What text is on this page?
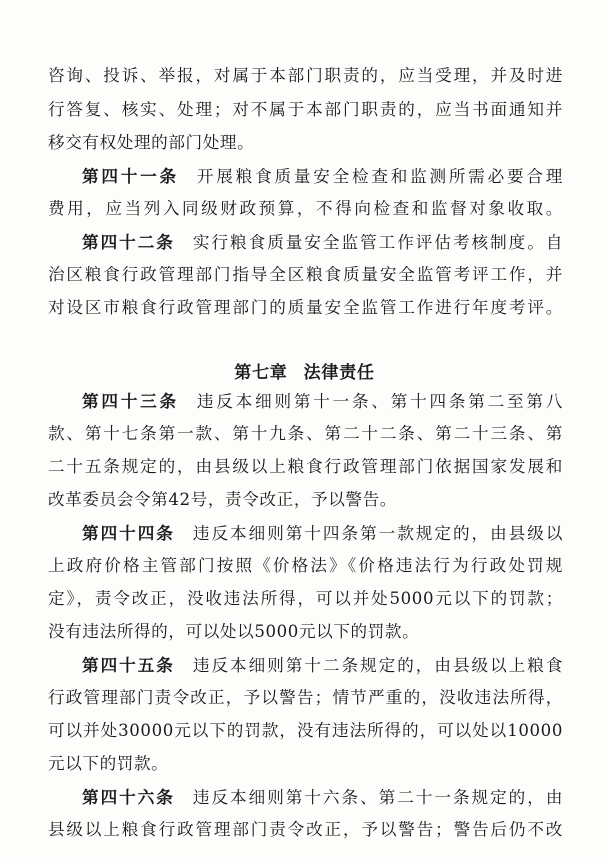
咨询、投诉、举报，对属于本部门职责的，应当受理，并及时进
行答复、核实、处理；对不属于本部门职责的，应当书面通知并
移交有权处理的部门处理。
第四十一条 开展粮食质量安全检查和监测所需必要合理
费用，应当列入同级财政预算，不得向检查和监督对象收取。
第四十二条 实行粮食质量安全监管工作评估考核制度。自
治区粮食行政管理部门指导全区粮食质量安全监管考评工作，并
对设区市粮食行政管理部门的质量安全监管工作进行年度考评。
第七章 法律责任
第四十三条 违反本细则第十一条、第十四条第二至第八
款、第十七条第一款、第十九条、第二十二条、第二十三条、第
二十五条规定的，由县级以上粮食行政管理部门依据国家发展和
改革委员会令第42号，责令改正，予以警告。
第四十四条 违反本细则第十四条第一款规定的，由县级以
上政府价格主管部门按照《价格法》《价格违法行为行政处罚规
定》，责令改正，没收违法所得，可以并处5000元以下的罚款；
没有违法所得的，可以处以5000元以下的罚款。
第四十五条 违反本细则第十二条规定的，由县级以上粮食
行政管理部门责令改正，予以警告；情节严重的，没收违法所得，
可以并处30000元以下的罚款，没有违法所得的，可以处以10000
元以下的罚款。
第四十六条 违反本细则第十六条、第二十一条规定的，由
县级以上粮食行政管理部门责令改正，予以警告；警告后仍不改
